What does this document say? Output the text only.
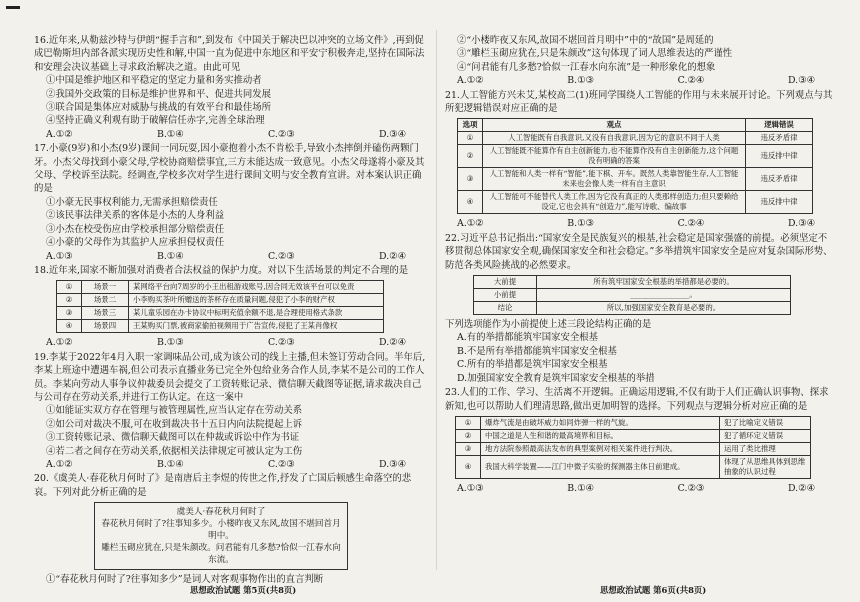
16.近年来,从勒兹沙特与伊朗“握手言和”,到发布《中国关于解决巴以冲突的立场文件》,再到促成巴勒斯坦内部各派实现历史性和解,中国一直为促进中东地区和平安宁积极奔走,坚持在国际法和安理会决议基础上寻求政治解决之道。由此可见

①中国是维护地区和平稳定的坚定力量和务实推动者

②我国外交政策的目标是维护世界和平、促进共同发展

③联合国是集体应对威胁与挑战的有效平台和最佳场所

④坚持正确义利观有助于破解信任赤字,完善全球治理

A.①②	B.①④	C.②③	D.③④

17.小豪(9岁)和小杰(9岁)课间一同玩耍,因小豪抱着小杰不肯松手,导致小杰摔倒并磕伤两颗门牙。小杰父母找到小豪父母,学校协商赔偿事宜,三方未能达成一致意见。小杰父母遂将小豪及其父母、学校诉至法院。经调查,学校多次对学生进行课间文明与安全教育宣讲。对本案认识正确的是

①小豪无民事权利能力,无需承担赔偿责任

②该民事法律关系的客体是小杰的人身利益

③小杰在校受伤应由学校承担部分赔偿责任

④小豪的父母作为其监护人应承担侵权责任

A.①③	B.①④	C.②③	D.②④

18.近年来,国家不断加强对消费者合法权益的保护力度。对以下生活场景的判定不合理的是

①	场景一	某网络平台向7周岁的小王出租游戏账号,因合同无效该平台可以免责
②	场景二	小李购买茶叶所赠送的茶杯存在质量问题,侵犯了小李的财产权
③	场景三	某儿童乐园在办卡协议中标明充值余额不退,是合理使用格式条款
④	场景四	王某购买门票,被商家偷拍视频用于广告宣传,侵犯了王某肖像权
A.①②	B.①③	C.②③	D.②④

19.李某于2022年4月入职一家调味品公司,成为该公司的线上主播,但未签订劳动合同。半年后,李某上班途中遭遇车祸,但公司表示直播业务已完全外包给业务合作人员,李某不是公司的工作人员。李某向劳动人事争议仲裁委员会提交了工资转账记录、微信聊天截图等证据,请求裁决自己与公司存在劳动关系,并进行工伤认定。在这一案中

①如能证实双方存在管理与被管理属性,应当认定存在劳动关系

②如公司对裁决不服,可在收到裁决书十五日内向法院提起上诉

③工资转账记录、微信聊天截图可以在仲裁或诉讼中作为书证

④若二者之间存在劳动关系,依据相关法律规定可被认定为工伤

A.①②	B.①④	C.②③	D.③④

20.《虞美人·春花秋月何时了》是南唐后主李煜的传世之作,抒发了亡国后顿感生命落空的悲哀。下列对此分析正确的是

虞美人·春花秋月何时了
春花秋月何时了?往事知多少。小楼昨夜又东风,故国不堪回首月明中。
雕栏玉砌应犹在,只是朱颜改。问君能有几多愁?恰似一江春水向东流。

①“春花秋月何时了?往事知多少”是词人对客观事物作出的直言判断

②“小楼昨夜又东风,故国不堪回首月明中”中的“故国”是周延的

③“雕栏玉砌应犹在,只是朱颜改”这句体现了词人思维表达的严谨性

④“问君能有几多愁?恰似一江春水向东流”是一种形象化的想象

A.①②	B.①③	C.②④	D.③④

21.人工智能方兴未艾,某校高二(1)班同学围绕人工智能的作用与未来展开讨论。下列观点与其所犯逻辑错误对应正确的是

选项	观点	逻辑错误
①	人工智能既有自我意识,又没有自我意识,因为它的意识不同于人类	违反矛盾律
②	人工智能既不能算作有自主创新能力,也不能算作没有自主创新能力,这个问题没有明确的答案	违反排中律
③	人工智能和人类一样有“智能”,能下棋、开车。既然人类靠智能生存,人工智能未来也会像人类一样有自主意识	违反矛盾律
④	人工智能可不能替代人类工作,因为它没有真正的人类那样创造力;但只要赖给设定,它也会具有“创造力”,能写诗歌、编故事	违反排中律
A.①②	B.①③	C.②④	D.③④

22.习近平总书记指出:“国家安全是民族复兴的根基,社会稳定是国家强盛的前提。必须坚定不移贯彻总体国家安全观,确保国家安全和社会稳定。”多举措筑牢国家安全是应对复杂国际形势、防范各类风险挑战的必然要求。

大前提	所有筑牢国家安全根基的举措都是必要的。
小前提	________________。
结论	所以,加强国家安全教育是必要的。

下列选项能作为小前提使上述三段论结构正确的是

A.有的举措都能筑牢国家安全根基

B.不是所有举措都能筑牢国家安全根基

C.所有的举措都是筑牢国家安全根基

D.加强国家安全教育是筑牢国家安全根基的举措

23.人们的工作、学习、生活离不开逻辑。正确运用逻辑,不仅有助于人们正确认识事物、探求新知,也可以帮助人们理清思路,做出更加明智的选择。下列观点与逻辑分析对应正确的是

①	爆炸气流是由破坏威力如同炸弹一样的气旋。	犯了比喻定义错误
②	中国之道是人生和谐的最高境界和目标。	犯了循环定义错误
③	地方法院参照最高法发布的典型案例对相关案件进行判决。	运用了类比推理
④	我国大科学装置——江门中微子实验的探测器主体日前建成。	体现了从思维具体到思维抽象的认识过程
A.①③	B.①④	C.②③	D.②④
思想政治试题 第5页(共8页)	思想政治试题 第6页(共8页)
